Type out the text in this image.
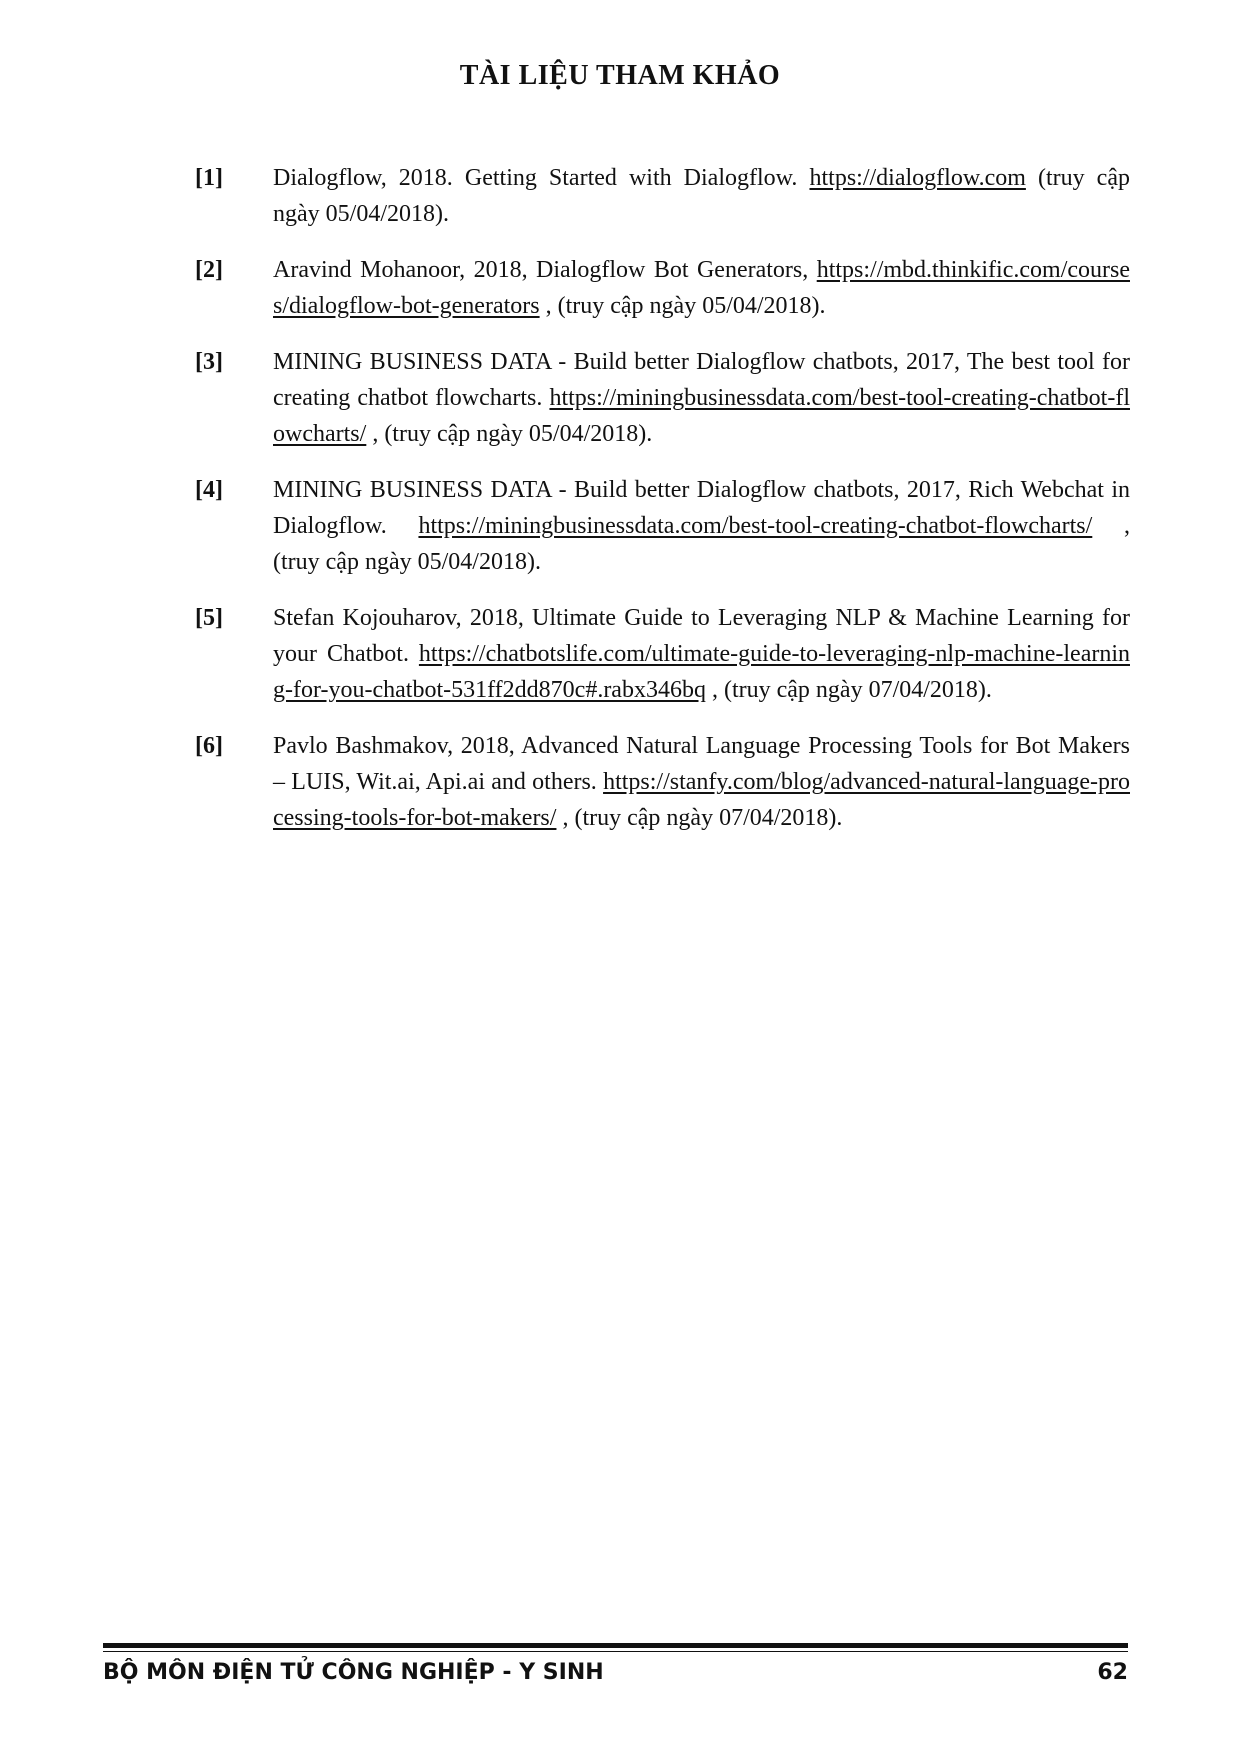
TÀI LIỆU THAM KHẢO
[1]	Dialogflow, 2018. Getting Started with Dialogflow. https://dialogflow.com (truy cập ngày 05/04/2018).
[2]	Aravind Mohanoor, 2018, Dialogflow Bot Generators, https://mbd.thinkific.com/courses/dialogflow-bot-generators , (truy cập ngày 05/04/2018).
[3]	MINING BUSINESS DATA - Build better Dialogflow chatbots, 2017, The best tool for creating chatbot flowcharts. https://miningbusinessdata.com/best-tool-creating-chatbot-flowcharts/ , (truy cập ngày 05/04/2018).
[4]	MINING BUSINESS DATA - Build better Dialogflow chatbots, 2017, Rich Webchat in Dialogflow. https://miningbusinessdata.com/best-tool-creating-chatbot-flowcharts/ , (truy cập ngày 05/04/2018).
[5]	Stefan Kojouharov, 2018, Ultimate Guide to Leveraging NLP & Machine Learning for your Chatbot. https://chatbotslife.com/ultimate-guide-to-leveraging-nlp-machine-learning-for-you-chatbot-531ff2dd870c#.rabx346bq , (truy cập ngày 07/04/2018).
[6]	Pavlo Bashmakov, 2018, Advanced Natural Language Processing Tools for Bot Makers – LUIS, Wit.ai, Api.ai and others. https://stanfy.com/blog/advanced-natural-language-processing-tools-for-bot-makers/ , (truy cập ngày 07/04/2018).
BỘ MÔN ĐIỆN TỬ CÔNG NGHIỆP - Y SINH	62
